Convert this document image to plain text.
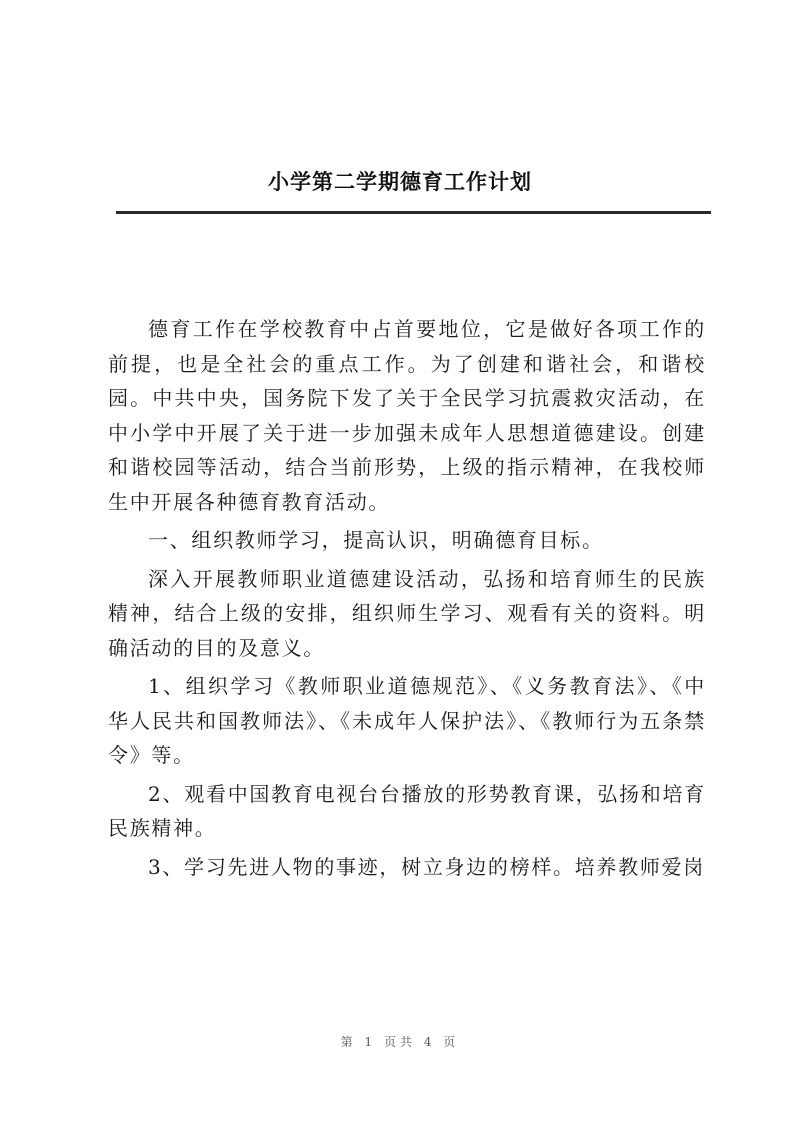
小学第二学期德育工作计划

德育工作在学校教育中占首要地位，它是做好各项工作的前提，也是全社会的重点工作。为了创建和谐社会，和谐校园。中共中央，国务院下发了关于全民学习抗震救灾活动，在中小学中开展了关于进一步加强未成年人思想道德建设。创建和谐校园等活动，结合当前形势，上级的指示精神，在我校师生中开展各种德育教育活动。

一、组织教师学习，提高认识，明确德育目标。

深入开展教师职业道德建设活动，弘扬和培育师生的民族精神，结合上级的安排，组织师生学习、观看有关的资料。明确活动的目的及意义。

1、组织学习《教师职业道德规范》、《义务教育法》、《中华人民共和国教师法》、《未成年人保护法》、《教师行为五条禁令》等。

2、观看中国教育电视台台播放的形势教育课，弘扬和培育民族精神。

3、学习先进人物的事迹，树立身边的榜样。培养教师爱岗

第 1 页共 4 页
